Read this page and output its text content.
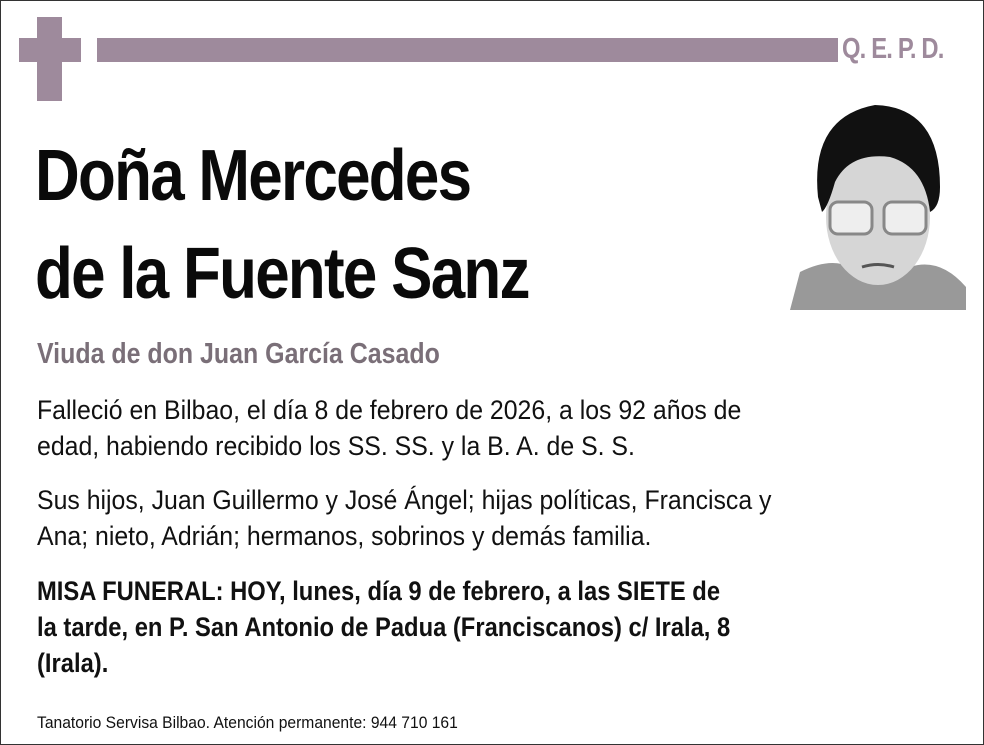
Q. E. P. D.
Doña Mercedes
de la Fuente Sanz
Viuda de don Juan García Casado
Falleció en Bilbao, el día 8 de febrero de 2026, a los 92 años de
edad, habiendo recibido los SS. SS. y la B. A. de S. S.
Sus hijos, Juan Guillermo y José Ángel; hijas políticas, Francisca y
Ana; nieto, Adrián; hermanos, sobrinos y demás familia.
MISA FUNERAL: HOY, lunes, día 9 de febrero, a las SIETE de
la tarde, en P. San Antonio de Padua (Franciscanos) c/ Irala, 8
(Irala).
Tanatorio Servisa Bilbao. Atención permanente: 944 710 161
